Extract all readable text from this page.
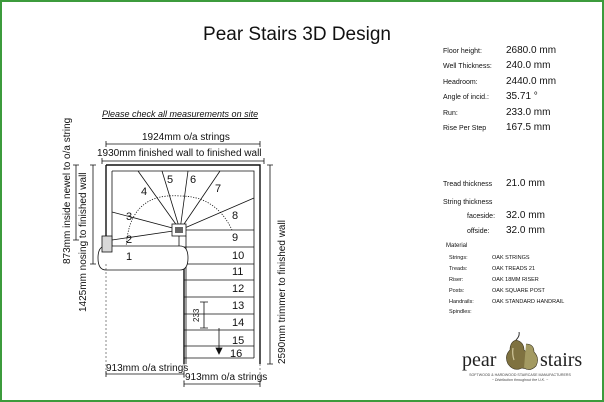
Pear Stairs 3D Design
Please check all measurements on site
1
2
3
4
5 6
7
8
9
10
11
12
13
14
15
16
1924mm o/a strings
1930mm finished wall to finished wall
873mm inside newel to o/a string 1425mm nosing to finished wall	2590mm trimmer to finished wall
913mm o/a strings
913mm o/a strings
233
Floor height: 2680.0 mm
Well Thickness: 240.0 mm
Headroom:	2440.0 mm
Angle of incid.: 35.71 °
Run:	233.0 mm
Rise Per Step 167.5 mm
Tread thickness 21.0 mm
String thickness
faceside: 32.0 mm
offside: 32.0 mm
Material
Strings:	OAK STRINGS
Treads:	OAK TREADS 21
Riser:	OAK 18MM RISER
Posts:	OAK SQUARE POST
Handrails:	OAK STANDARD HANDRAIL
Spindles:
pear stairs
SOFTWOOD & HARDWOOD STAIRCASE MANUFACTURERS
~ Distribution throughout the U.K. ~
